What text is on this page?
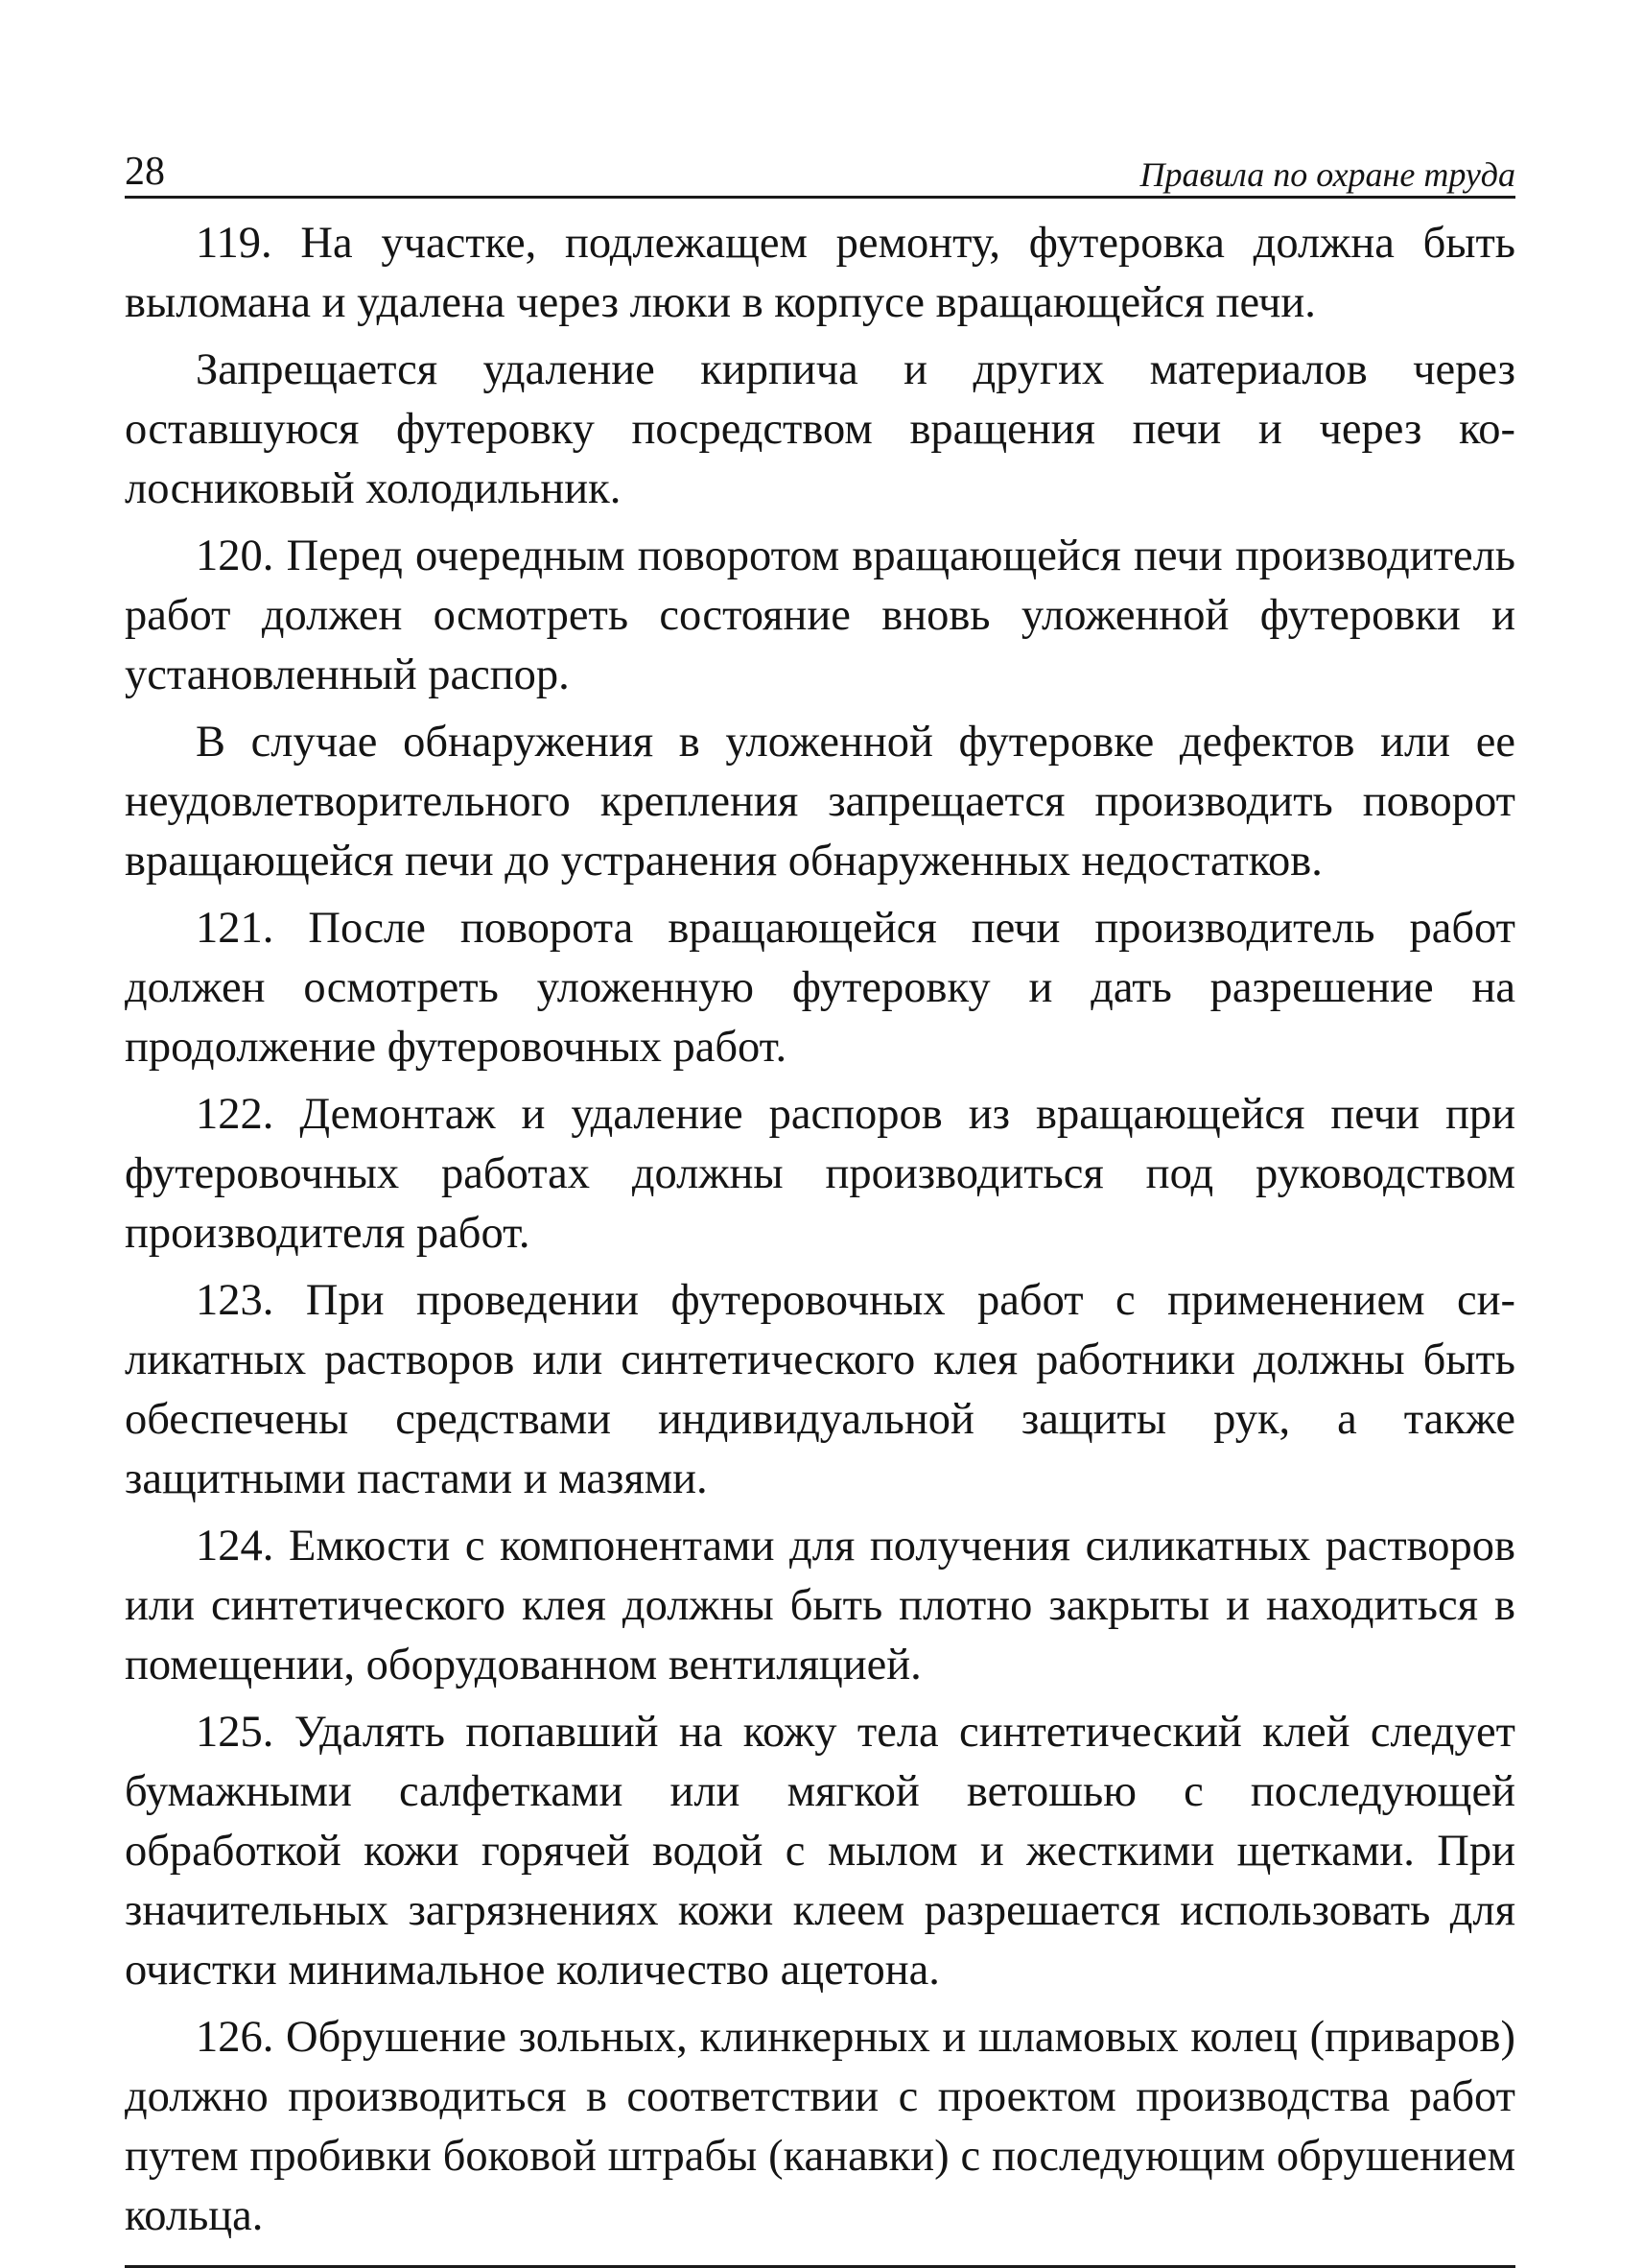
28	Правила по охране труда

119. На участке, подлежащем ремонту, футеровка должна быть выломана и удалена через люки в корпусе вращающейся печи.

Запрещается удаление кирпича и других материалов через оставшуюся футеровку посредством вращения печи и через колосниковый холодильник.

120. Перед очередным поворотом вращающейся печи производитель работ должен осмотреть состояние вновь уложенной футеровки и установленный распор.

В случае обнаружения в уложенной футеровке дефектов или ее неудовлетворительного крепления запрещается производить поворот вращающейся печи до устранения обнаруженных недостатков.

121. После поворота вращающейся печи производитель работ должен осмотреть уложенную футеровку и дать разрешение на продолжение футеровочных работ.

122. Демонтаж и удаление распоров из вращающейся печи при футеровочных работах должны производиться под руководством производителя работ.

123. При проведении футеровочных работ с применением силикатных растворов или синтетического клея работники должны быть обеспечены средствами индивидуальной защиты рук, а также защитными пастами и мазями.

124. Емкости с компонентами для получения силикатных растворов или синтетического клея должны быть плотно закрыты и находиться в помещении, оборудованном вентиляцией.

125. Удалять попавший на кожу тела синтетический клей следует бумажными салфетками или мягкой ветошью с последующей обработкой кожи горячей водой с мылом и жесткими щетками. При значительных загрязнениях кожи клеем разрешается использовать для очистки минимальное количество ацетона.

126. Обрушение зольных, клинкерных и шламовых колец (приваров) должно производиться в соответствии с проектом производства работ путем пробивки боковой штрабы (канавки) с последующим обрушением кольца.
